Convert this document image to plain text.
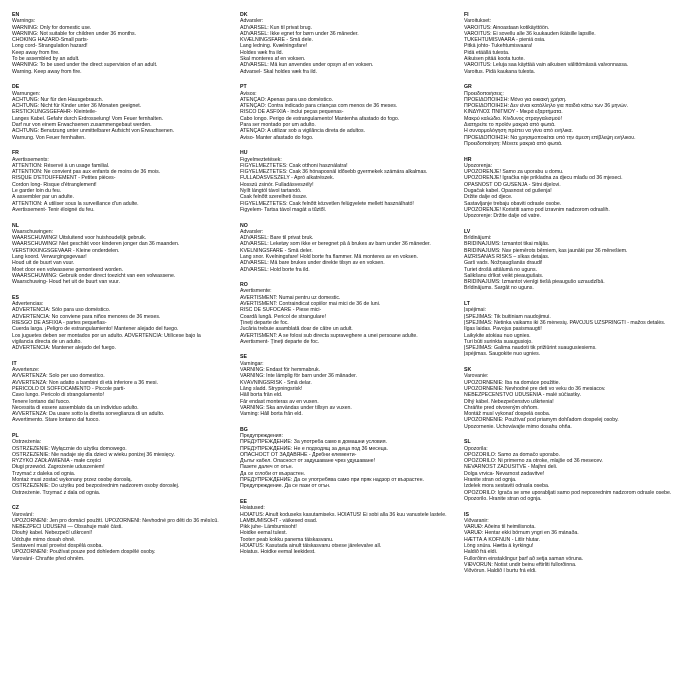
EN
Warnings:
WARNING: Only for domestic use.
WARNING: Not suitable for children under 36 months.
CHOKING HAZARD-Small parts-
Long cord- Strangulation hazard!
Keep away from fire.
To be assembled by an adult.
WARNING: To be used under the direct supervision of an adult.
Warning. Keep away from fire.
DE
Warnungen:
ACHTUNG: Nur für den Hausgebrauch.
ACHTUNG: Nicht für Kinder unter 36 Monaten geeignet.
ERSTICKUNGSGEFAHR- Kleinteile-
Langes Kabel. Gefahr durch Erdrosselung! Vom Feuer fernhalten.
Darf nur von einem Erwachsenen zusammengebaut werden.
ACHTUNG: Benutzung unter unmittelbarer Aufsicht von Erwachsenen.
Warnung. Von Feuer fernhalten.
FR
Avertissements:
ATTENTION: Réservé à un usage familial.
ATTENTION: Ne convient pas aux enfants de moins de 36 mois.
RISQUE D'ÉTOUFFEMENT - Petites pièces-
Cordon long- Risque d'étranglement!
Le garder loin du feu.
À assembler par un adulte.
ATTENTION: À utiliser sous la surveillance d'un adulte.
Avertissement- Tenir éloigné du feu.
NL
Waarschuwingen:
WAARSCHUWING! Uitsluitend voor huishoudelijk gebruik.
WAARSCHUWING! Niet geschikt voor kinderen jonger dan 36 maanden.
VERSTIKKINGSGEVAAR - Kleine onderdelen.
Lang koord. Verwurgingsgevaar!
Houd uit de buurt van vuur.
Moet door een volwassene gemonteerd worden.
WAARSCHUWING: Gebruik onder direct toezicht van een volwassene.
Waarschuwing- Houd het uit de buurt van vuur.
ES
Advertencias:
ADVERTENCIA: Sólo para uso doméstico.
ADVERTENCIA: No conviene para niños menores de 36 meses.
RIESGO DE ASFIXIA - partes pequeñas-
Cuerda larga. ¡Peligro de estrangulamiento! Mantener alejado del fuego.
Los juguetes deben ser montados por un adulto. ADVERTENCIA: Utilícese bajo la
vigilancia directa de un adulto.
ADVERTENCIA: Mantener alejado del fuego.
IT
Avvertenze:
AVVERTENZA: Solo per uso domestico.
AVVERTENZA: Non adatto a bambini di età inferiore a 36 mesi.
PERICOLO DI SOFFOCAMENTO - Piccole parti-
Cavo lungo. Pericolo di strangolamento!
Tenere lontano dal fuoco.
Necessita di essere assemblato da un individuo adulto.
AVVERTENZA: Da usare sotto la diretta sorveglianza di un adulto.
Avvertimento. Stare lontano dal fuoco.
PL
Ostrzeżenia:
OSTRZEŻENIE: Wyłącznie do użytku domowego.
OSTRZEŻENIE: Nie nadaje się dla dzieci w wieku poniżej 36 miesięcy.
RYZYKO ZADŁAWIENIA - małe części
Długi przewód. Zagrożenie uduszeniem!
Trzymać z daleka od ognia.
Montaż musi zostać wykonany przez osobę dorosłą.
OSTRZEŻENIE: Do użytku pod bezpośrednim nadzorem osoby dorosłej.
Ostrzeżenie. Trzymać z dala od ognia.
CZ
Varování:
UPOZORNĚNÍ: Jen pro domácí použití. UPOZORNĚNÍ: Nevhodné pro děti do 36 měsíců.
NEBEZPEČÍ UDUŠENÍ — Obsahuje malé části.
Dlouhý kabel. Nebezpečí uškrcení!
Udržujte mimo dosah ohně.
Sestavení musí provést dospělá osoba.
UPOZORNĚNÍ: Používat pouze pod dohledem dospělé osoby.
Varování- Chraňte před ohněm.
DK
Advarsler:
ADVARSEL: Kun til privat brug.
ADVARSEL: Ikke egnet for børn under 36 måneder.
KVÆLNINGSFARE - Små dele.
Lang ledning. Kvælningsfare!
Holdes væk fra ild.
Skal monteres af en voksen.
ADVARSEL: Må kun anvendes under opsyn af en voksen.
Advarsel- Skal holdes væk fra ild.
PT
Avisos:
ATENÇÃO: Apenas para uso doméstico.
ATENÇÃO: Contra indicado para crianças com menos de 36 meses.
RISCO DE ASFIXIA - inclui peças pequenas-
Cabo longo. Perigo de estrangulamento! Mantenha afastado do fogo.
Para ser montado por um adulto.
ATENÇÃO: A utilizar sob a vigilância direta de adultos.
Aviso- Manter afastado do fogo.
HU
Figyelmeztetések:
FIGYELMEZTETÉS: Csak otthoni használatra!
FIGYELMEZTETÉS: Csak 36 hónaposnál idősebb gyermekek számára alkalmas.
FULLADÁSVESZÉLY - Apró alkatrészek.
Hosszú zsinór. Fulladásveszély!
Nyílt lángtól távol tartandó.
Csak felnőtt szerelheti össze.
FIGYELMEZTETÉS: Csak felnőtt közvetlen felügyelete mellett használható!
Figyelem- Tartsa távol magát a tűztől.
NO
Advarsler:
ADVARSEL: Bare til privat bruk.
ADVARSEL: Leketøy som ikke er beregnet på å brukes av barn under 36 måneder.
KVELNINGSFARE - Små deler.
Lang snor. Kvelningsfare! Hold borte fra flammer. Må monteres av en voksen.
ADVARSEL: Må bare brukes under direkte tilsyn av en voksen.
ADVARSEL: Hold borte fra ild.
RO
Avertismente:
AVERTISMENT: Numai pentru uz domestic.
AVERTISMENT: Contraindicat copiilor mai mici de 36 de luni.
RISC DE SUFOCARE - Piese mici-
Coardă lungă. Pericol de strangulare!
Țineți departe de foc.
Jucăria trebuie asamblată doar de către un adult.
AVERTISMENT: A se folosi sub directa supraveghere a unei persoane adulte.
Avertisment- Țineți departe de foc.
SE
Varningar:
VARNING: Endast för hemmabruk.
VARNING: Inte lämplig för barn under 36 månader.
KVÄVNINGSRISK - Små delar.
Lång sladd. Strypningsrisk!
Håll borta från eld.
Får endast monteras av en vuxen.
VARNING: Ska användas under tillsyn av vuxen.
Varning: Håll borta från eld.
BG
Предупреждения:
ПРЕДУПРЕЖДЕНИЕ: За употреба само в домашни условия.
ПРЕДУПРЕЖДЕНИЕ: Не е подходящ за деца под 36 месеца.
ОПАСНОСТ ОТ ЗАДАВЯНЕ - Дребни елементи-
Дълъг кабел. Опасност от задушаване чрез удушаване!
Пазете далеч от огън.
Да се сглоби от възрастен.
ПРЕДУПРЕЖДЕНИЕ: Да се употребява само при пряк надзор от възрастен.
Предупреждение. Да се пази от огън.
EE
Hoiatused:
HOIATUS: Ainult koduseks kasutamiseks. HOIATUS! Ei sobi alla 36 kuu vanustele lastele.
LÄMBUMISOHT - väikesed osad.
Pikk juhe- Lämbumisoht!
Hoidke eemal tulest.
Tooteт peab kokku panema täiskasvanu.
HOIATUS: Kasutada ainult täiskasvanu otsese järelevalve all.
Hoiatus. Hoidke eemal leekidest.
FI
Varoitukset:
VAROITUS: Ainoastaan kotikäyttöön.
VAROITUS: Ei sovellu alle 36 kuukauden ikäisille lapsille.
TUKEHTUMISVAARA - pieniä osia.
Pitkä johto- Tukehtumisvaara!
Pidä etäällä tulesta.
Aikuisen pitää koota tuote.
VAROITUS: Leluja saa käyttää vain aikuisen välittömässä valvonnassa.
Varoitus. Pidä kaukana tulesta.
GR
Προειδοποιήσεις:
ΠΡΟΕΙΔΟΠΟΙΗΣΗ: Μόνο για οικιακή χρήση.
ΠΡΟΕΙΔΟΠΟΙΗΣΗ: Δεν είναι κατάλληλο για παιδιά κάτω των 36 μηνών.
ΚΙΝΔΥΝΟΣ ΠΝΙΓΜΟΥ - Μικρά εξαρτήματα.
Μακρύ καλώδιο. Κίνδυνος στραγγαλισμού!
Διατηρείτε το προϊόν μακριά από φωτιά.
Η συναρμολόγηση πρέπει να γίνει από ενήλικα.
ΠΡΟΕΙΔΟΠΟΙΗΣΗ: Να χρησιμοποιείται υπό την άμεση επίβλεψη ενήλικου.
Προειδοποίηση: Μένετε μακριά από φωτιά.
HR
Upozorenja:
UPOZORENJE! Samo za uporabu u domu.
UPOZORENJE! Igračka nije prikladna za djecu mlađu od 36 mjeseci.
OPASNOST OD GUŠENJA - Sitni dijelovi.
Dugačak kabel. Opasnost od gušenja!
Držite dalje od djece.
Sastavljanje trebaju obaviti odrasle osobe.
UPOZORENJE! Koristiti samo pod izravnim nadzorom odraslih.
Upozorenje: Držite dalje od vatre.
LV
Brīdinājumi:
BRĪDINĀJUMS: Izmantot tikai mājās.
BRĪDINĀJUMS: Nav piemērots bērniem, kas jaunāki par 36 mēnešiem.
AIZRĪŠANĀS RISKS – sīkas detaļas.
Garš vads. Nožņaugšanās draudi!
Turiet drošā attālumā no uguns.
Salikšanu drīkst veikt pieaugušais.
BRĪDINĀJUMS: Izmantot vienīgi tiešā pieaugušo uzraudzībā.
Brīdinājums. Sargāt no uguns.
LT
Įspėjimai:
ĮSPĖJIMAS: Tik buitiniam naudojimui.
ĮSPĖJIMAS: Netinka vaikams iki 36 mėnesių. PAVOJUS UŽSPRINGTI - mažos detalės.
Ilgas laidas. Pavojus pasismaugti!
Laikykite atokiau nuo ugnies.
Turi būti surinkta suaugusiojo.
ĮSPĖJIMAS: Galima naudoti tik prižiūrint suaugusiesiems.
Įspėjimas. Saugokite nuo ugnies.
SK
Varovanie:
UPOZORNENIE: Iba na domáce použitie.
UPOZORNENIE: Nevhodné pre deti vo veku do 36 mesiacov.
NEBEZPEČENSTVO UDUSENIA - malé súčiastky.
Dlhý kábel. Nebezpečenstvo uškrtenia!
Chráňte pred otvoreným ohňom.
Montáž musí vykonať dospelá osoba.
UPOZORNENIE: Používať pod priamym dohľadom dospelej osoby.
Upozornenie. Uchovávajte mimo dosahu ohňa.
SL
Opozorila:
OPOZORILO: Samo za domačo uporabo.
OPOZORILO: Ni primerno za otroke, mlajše od 36 mesecev.
NEVARNOST ZADUŠITVE - Majhni deli.
Dolga vrvica- Nevarnost zadavitve!
Hranite stran od ognja.
Izdelek mora sestaviti odrasla oseba.
OPOZORILO: Igrača se sme uporabljati samo pod neposrednim nadzorom odrasle osebe.
Opozorilo. Hranite stran od ognja.
IS
Viðvaranir:
VARÚÐ: Aðeins til heimilisnota.
VARÚÐ: Hentar ekki börnum yngri en 36 mánaða.
HÆTTA Á KÖFNUN - Litlir hlutar.
Löng snúra. Hætta á kyrkingu!
Haldið frá eldi.
Fullorðinn einstaklingur þarf að setja saman vöruna.
VIÐVÖRUN: Notist undir beinu eftirliti fullorðinna.
Viðvörun. Haldið í burtu frá eldi.
